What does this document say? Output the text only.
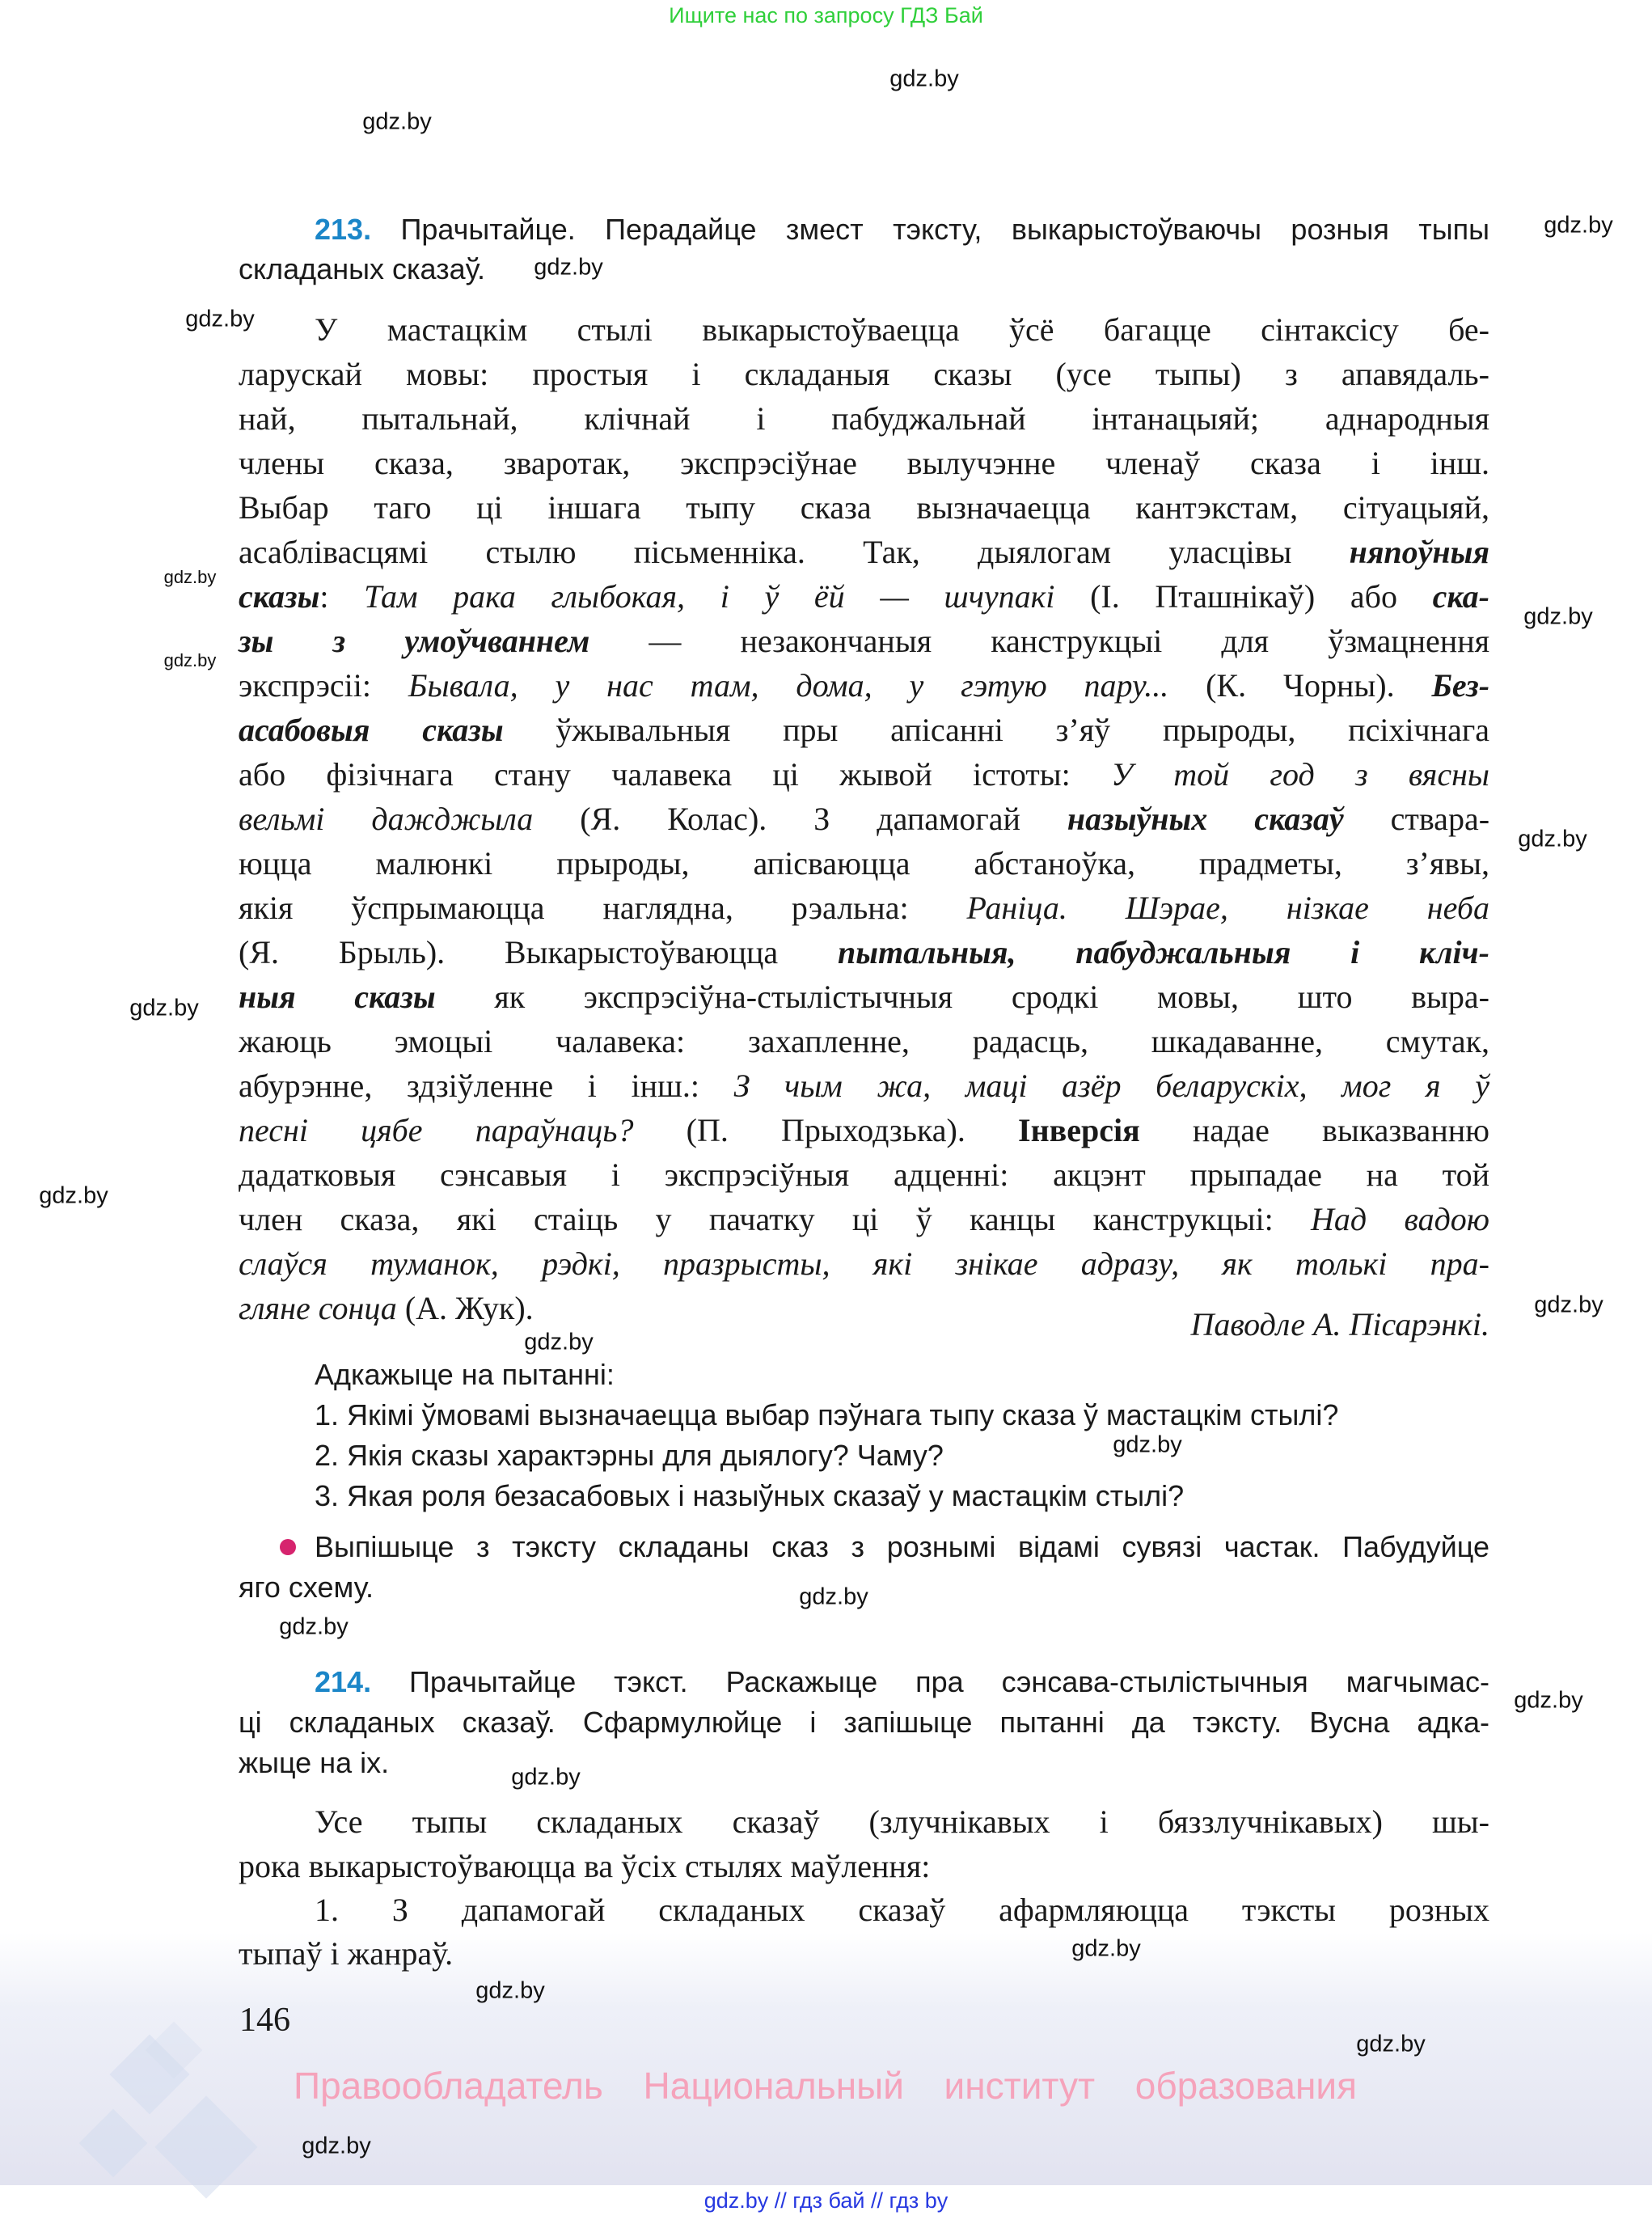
Ищите нас по запросу ГДЗ Бай
gdz.by
gdz.by
gdz.by
gdz.by
gdz.by
gdz.by
gdz.by
gdz.by
gdz.by
gdz.by
gdz.by
gdz.by
gdz.by
gdz.by
gdz.by
gdz.by
gdz.by
gdz.by
gdz.by
gdz.by
gdz.by
gdz.by
213. Прачытайце. Перадайце змест тэксту, выкарыстоўваючы розныя тыпы
складаных сказаў.
У мастацкім стылі выкарыстоўваецца ўсё багацце сінтаксісу бе-
ларускай мовы: простыя і складаныя сказы (усе тыпы) з апавядаль-
най, пытальнай, клічнай і пабуджальнай інтанацыяй; аднародныя
члены сказа, зваротак, экспрэсіўнае вылучэнне членаў сказа і інш.
Выбар таго ці іншага тыпу сказа вызначаецца кантэкстам, сітуацыяй,
асаблівасцямі стылю пісьменніка. Так, дыялогам уласцівы няпоўныя
сказы: Там рака глыбокая, і ў ёй — шчупакі (І. Пташнікаў) або ска-
зы з умоўчваннем — незакончаныя канструкцыі для ўзмацнення
экспрэсіі: Бывала, у нас там, дома, у гэтую пару... (К. Чорны). Без-
асабовыя сказы ўжывальныя пры апісанні з’яў прыроды, псіхічнага
або фізічнага стану чалавека ці жывой істоты: У той год з вясны
вельмі дажджыла (Я. Колас). З дапамогай назыўных сказаў ствара-
юцца малюнкі прыроды, апісваюцца абстаноўка, прадметы, з’явы,
якія ўспрымаюцца наглядна, рэальна: Раніца. Шэрае, нізкае неба
(Я. Брыль). Выкарыстоўваюцца пытальныя, пабуджальныя і кліч-
ныя сказы як экспрэсіўна-стылістычныя сродкі мовы, што выра-
жаюць эмоцыі чалавека: захапленне, радасць, шкадаванне, смутак,
абурэнне, здзіўленне і інш.: З чым жа, мацi азёр беларускіх, мог я ў
песні цябе параўнаць? (П. Прыходзька). Інверсія надае выказванню
дадатковыя сэнсавыя і экспрэсіўныя адценні: акцэнт прыпадае на той
член сказа, які стаіць у пачатку ці ў канцы канструкцыі: Над вадою
слаўся туманок, рэдкі, празрысты, які знікае адразу, як толькі пра-
гляне сонца (А. Жук).	Паводле А. Пісарэнкі.
Адкажыце на пытанні:
1. Якімі ўмовамі вызначаецца выбар пэўнага тыпу сказа ў мастацкім стылі?
2. Якія сказы характэрны для дыялогу? Чаму?
3. Якая роля безасабовых і назыўных сказаў у мастацкім стылі?
Выпішыце з тэксту складаны сказ з рознымі відамі сувязі частак. Пабудуйце
яго схему.
214. Прачытайце тэкст. Раскажыце пра сэнсава-стылістычныя магчымас-
ці складаных сказаў. Сфармулюйце і запішыце пытанні да тэксту. Вусна адка-
жыце на іх.
Усе тыпы складаных сказаў (злучнікавых і бяззлучнікавых) шы-
рока выкарыстоўваюцца ва ўсіх стылях маўлення:
1. З дапамогай складаных сказаў афармляюцца тэксты розных
тыпаў і жанраў.
146
Правообладатель Национальный институт образования
gdz.by // гдз бай // гдз by
